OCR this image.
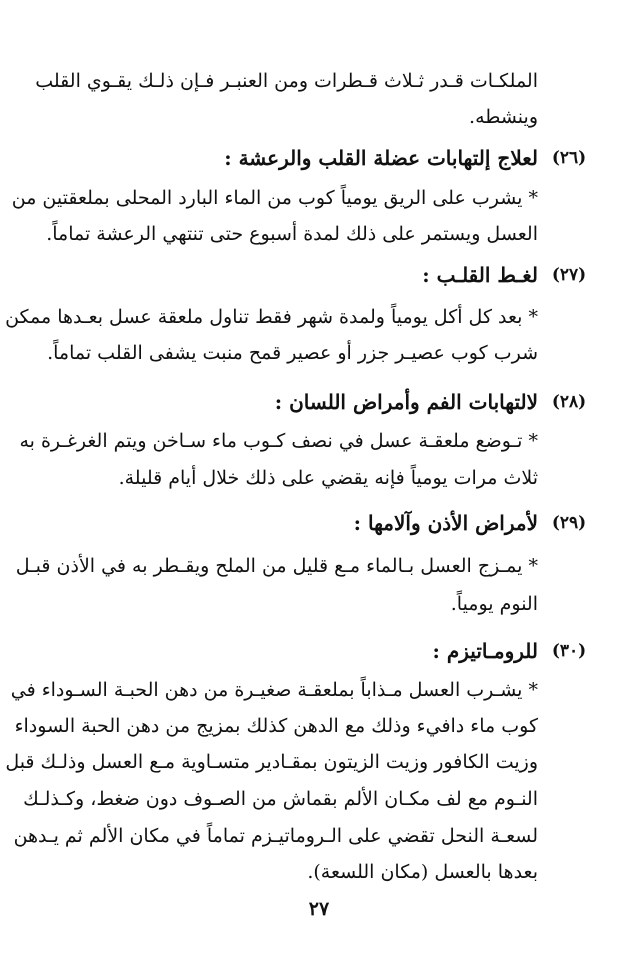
الملكـات قـدر ثـلاث قـطرات ومن العنبـر فـإن ذلـك يقـوي القلب
وينشطه.
(٢٦)
لعلاج إلتهابات عضلة القلب والرعشة :
* يشرب على الريق يومياً كوب من الماء البارد المحلى بملعقتين من
العسل ويستمر على ذلك لمدة أسبوع حتى تنتهي الرعشة تماماً.
(٢٧)
لغـط القلـب :
* بعد كل أكل يومياً ولمدة شهر فقط تناول ملعقة عسل بعـدها ممكن
شرب كوب عصيـر جزر أو عصير قمح منبت يشفى القلب تماماً.
(٢٨)
لالتهابات الفم وأمراض اللسان :
* تـوضع ملعقـة عسل في نصف كـوب ماء سـاخن ويتم الغرغـرة به
ثلاث مرات يومياً فإنه يقضي على ذلك خلال أيام قليلة.
(٢٩)
لأمراض الأذن وآلامها :
* يمـزج العسل بـالماء مـع قليل من الملح ويقـطر به في الأذن قبـل
النوم يومياً.
(٣٠)
للرومـاتيزم :
* يشـرب العسل مـذاباً بملعقـة صغيـرة من دهن الحبـة السـوداء في
كوب ماء دافيء وذلك مع الدهن كذلك بمزيج من دهن الحبة السوداء
وزيت الكافور وزيت الزيتون بمقـادير متسـاوية مـع العسل وذلـك قبل
النـوم مع لف مكـان الألم بقماش من الصـوف دون ضغط، وكـذلـك
لسعـة النحل تقضي على الـروماتيـزم تماماً في مكان الألم ثم يـدهن
بعدها بالعسل (مكان اللسعة).
٢٧
